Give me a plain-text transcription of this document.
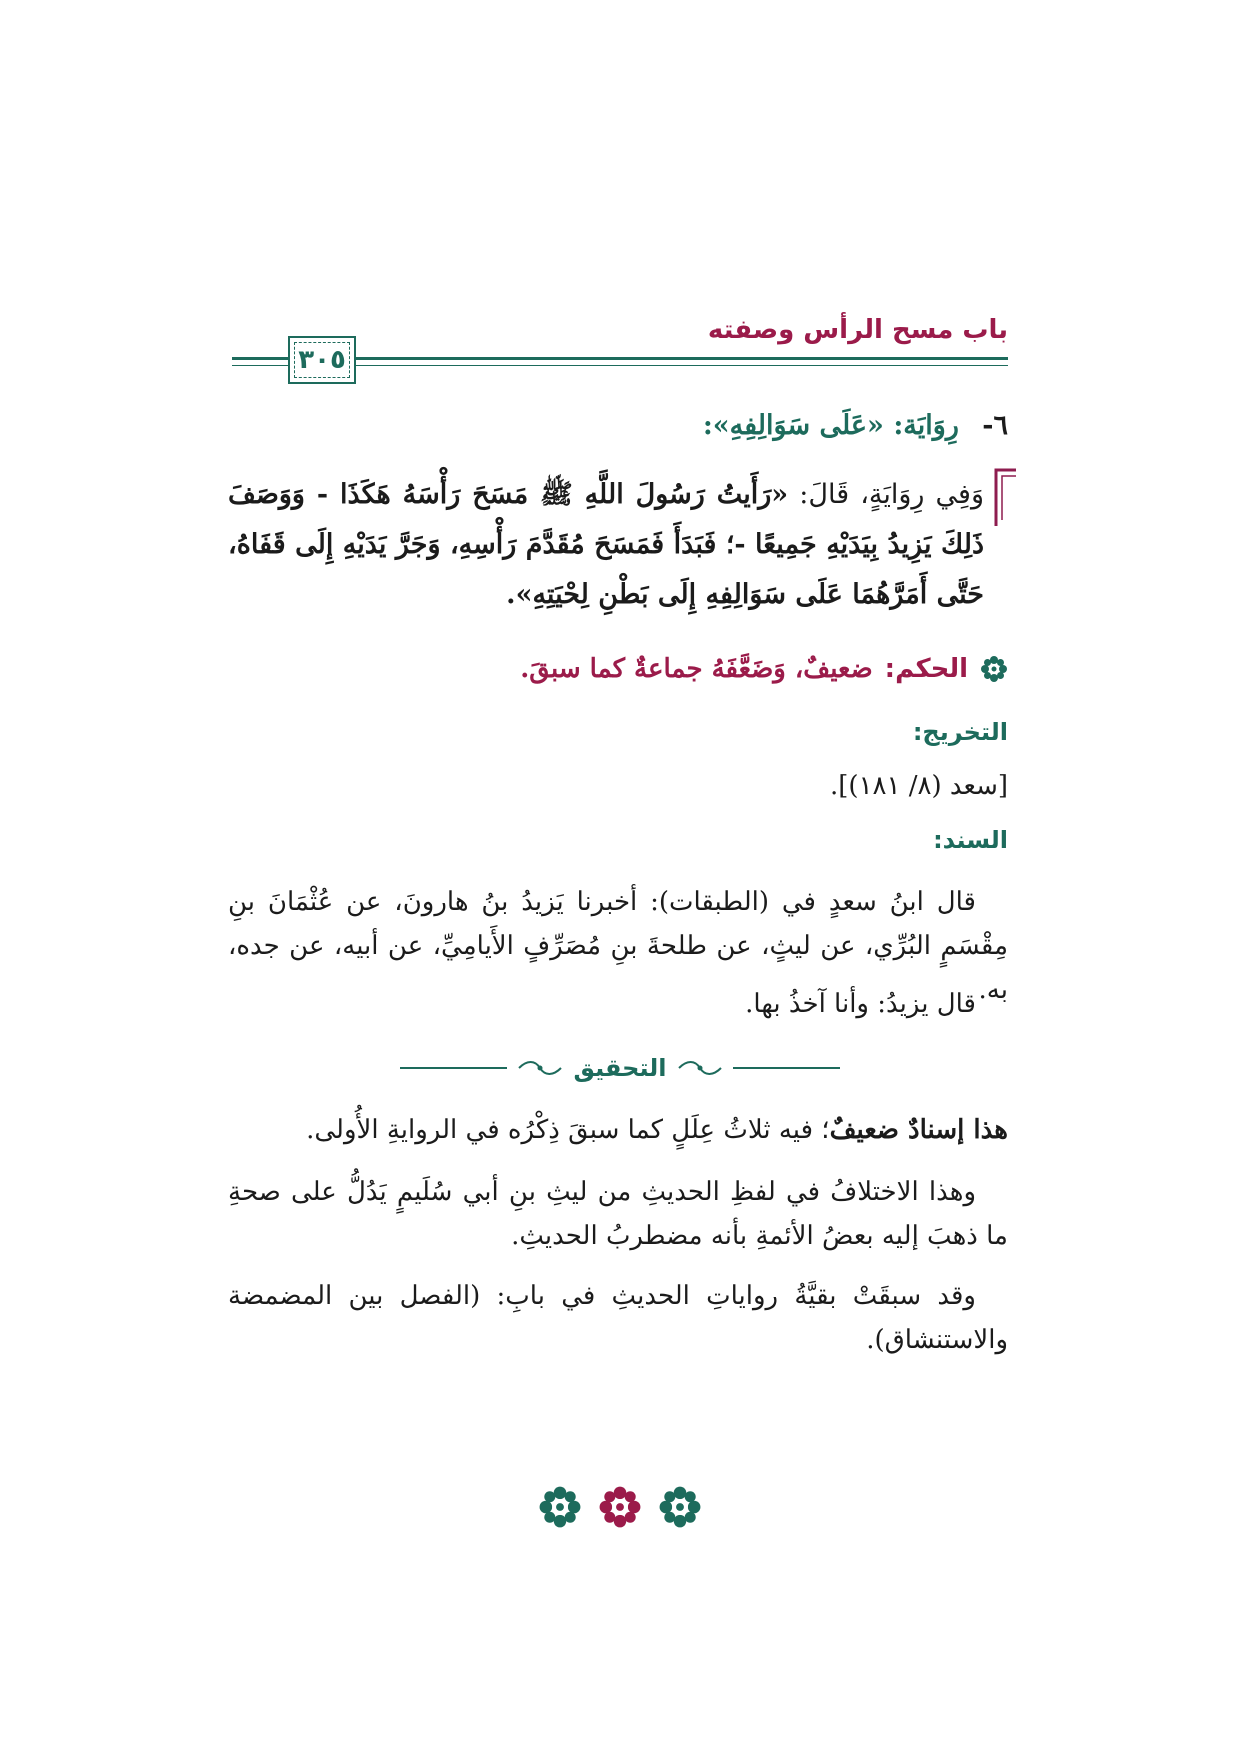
باب مسح الرأس وصفته
٣٠٥
٦- رِوَايَة: «عَلَى سَوَالِفِهِ»:
وَفِي رِوَايَةٍ، قَالَ: «رَأَيتُ رَسُولَ اللَّهِ ﷺ مَسَحَ رَأْسَهُ هَكَذَا - وَوَصَفَ ذَلِكَ يَزِيدُ بِيَدَيْهِ جَمِيعًا -؛ فَبَدَأَ فَمَسَحَ مُقَدَّمَ رَأْسِهِ، وَجَرَّ يَدَيْهِ إِلَى قَفَاهُ، حَتَّى أَمَرَّهُمَا عَلَى سَوَالِفِهِ إِلَى بَطْنِ لِحْيَتِهِ».
الحكم:
ضعيفٌ، وَضَعَّفَهُ جماعةٌ كما سبقَ.
التخريج:
[سعد (٨/ ١٨١)].
السند:
قال ابنُ سعدٍ في (الطبقات): أخبرنا يَزيدُ بنُ هارونَ، عن عُثْمَانَ بنِ مِقْسَمٍ البُرِّي، عن ليثٍ، عن طلحةَ بنِ مُصَرِّفٍ الأَيامِيِّ، عن أبيه، عن جده، به.
قال يزيدُ: وأنا آخذُ بها.
التحقيق
هذا إسنادٌ ضعيفٌ؛ فيه ثلاثُ عِلَلٍ كما سبقَ ذِكْرُه في الروايةِ الأُولى.
وهذا الاختلافُ في لفظِ الحديثِ من ليثِ بنِ أبي سُلَيمٍ يَدُلُّ على صحةِ ما ذهبَ إليه بعضُ الأئمةِ بأنه مضطربُ الحديثِ.
وقد سبقَتْ بقيَّةُ رواياتِ الحديثِ في بابِ: (الفصل بين المضمضة والاستنشاق).
